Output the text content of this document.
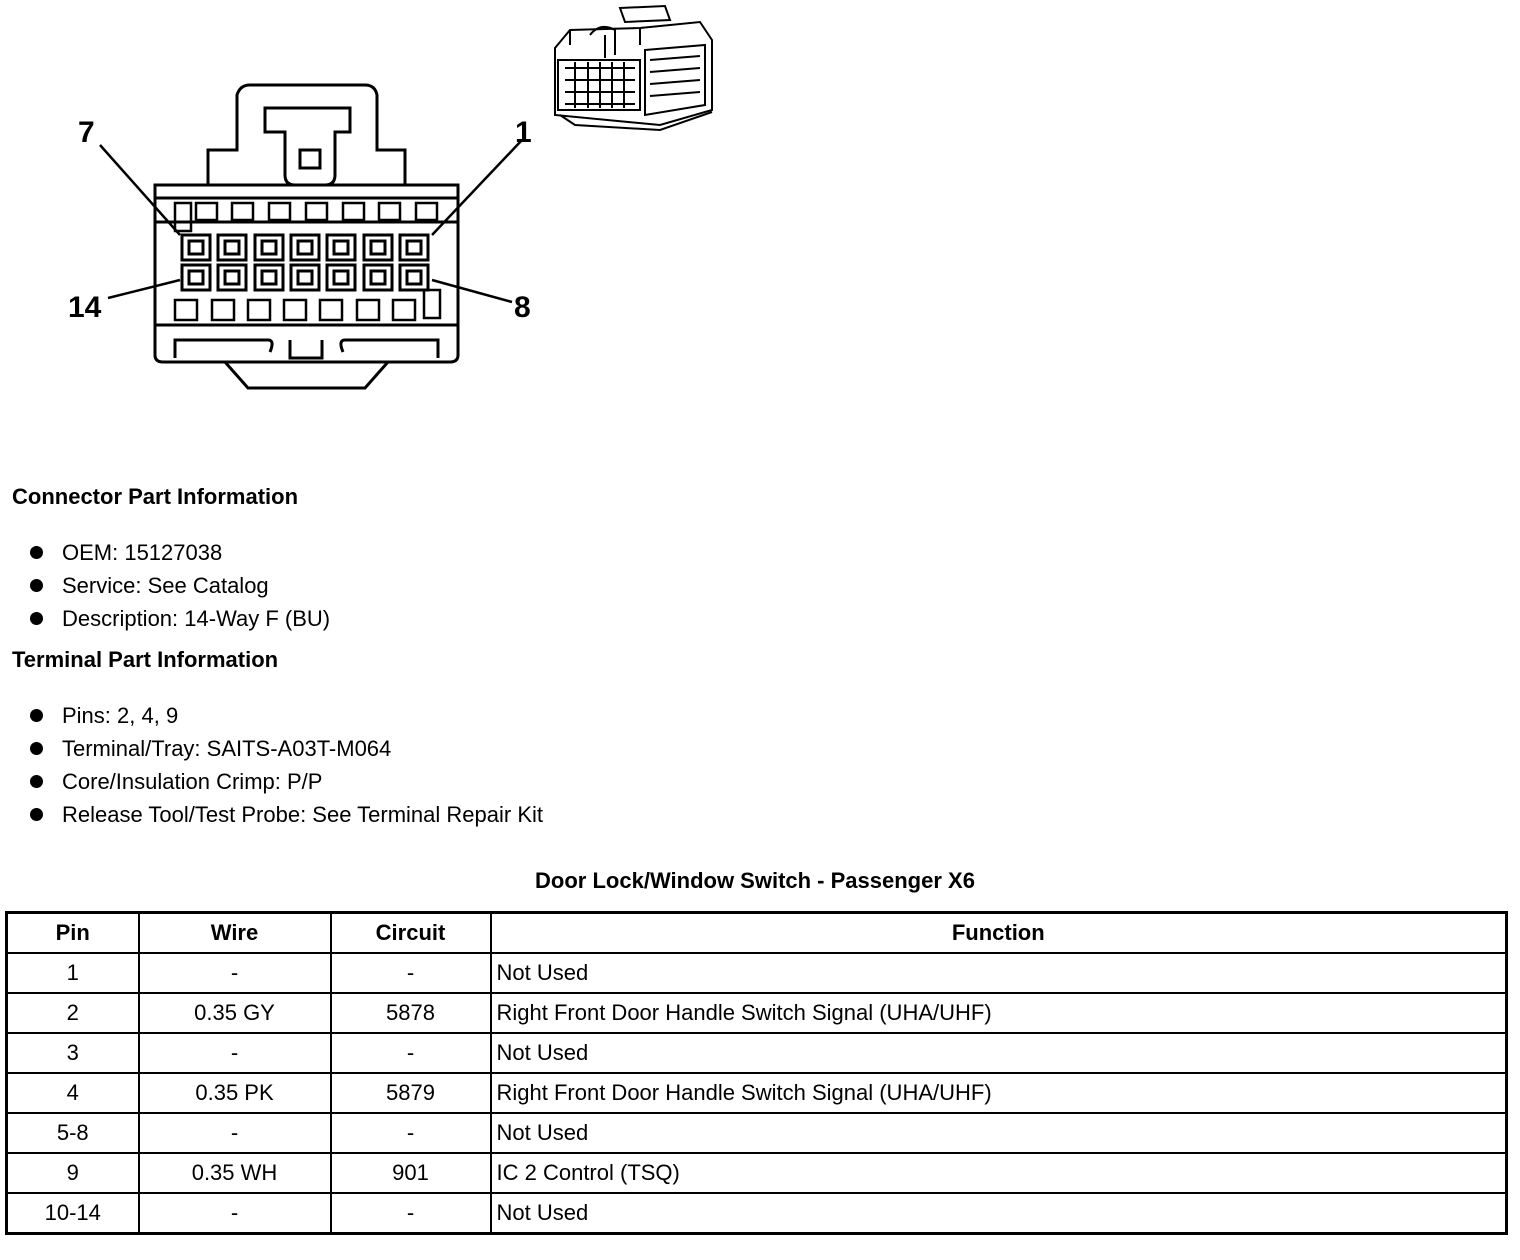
7	1
14	8
Connector Part Information
OEM: 15127038
Service: See Catalog
Description: 14-Way F (BU)
Terminal Part Information
Pins: 2, 4, 9
Terminal/Tray: SAITS-A03T-M064
Core/Insulation Crimp: P/P
Release Tool/Test Probe: See Terminal Repair Kit
Door Lock/Window Switch - Passenger X6
Pin	Wire	Circuit	Function
1	-	-	Not Used
2	0.35 GY	5878	Right Front Door Handle Switch Signal (UHA/UHF)
3	-	-	Not Used
4	0.35 PK	5879	Right Front Door Handle Switch Signal (UHA/UHF)
5-8	-	-	Not Used
9	0.35 WH	901	IC 2 Control (TSQ)
10-14	-	-	Not Used
